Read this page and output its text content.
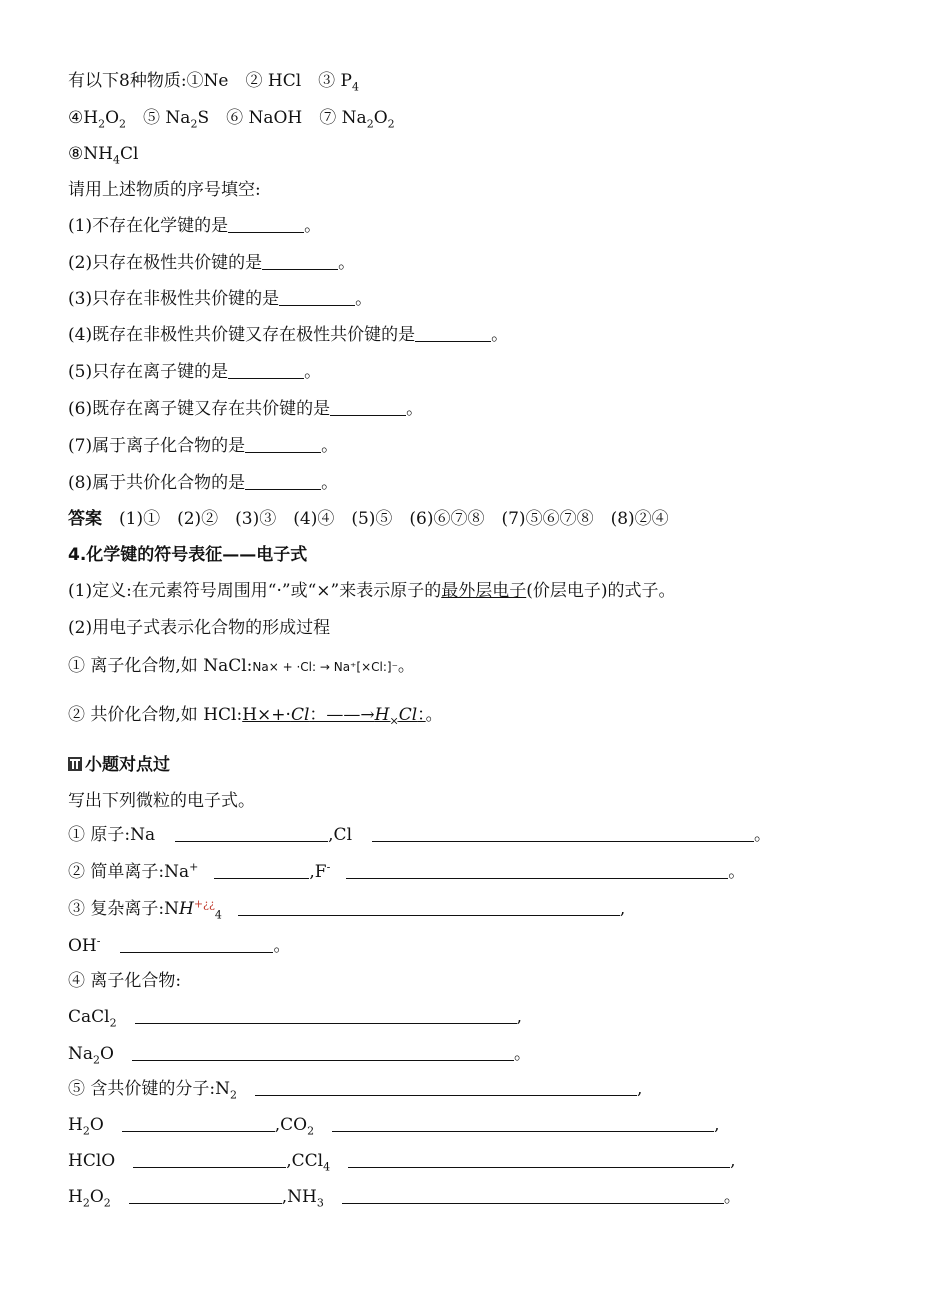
有以下8种物质:①Ne　② HCl　③ $P_4$
$④H_2O_2$　⑤ $Na_2S$　⑥ NaOH　⑦ $Na_2O_2$
$⑧NH_4Cl$
请用上述物质的序号填空:
(1)不存在化学键的是	。
(2)只存在极性共价键的是	。
(3)只存在非极性共价键的是	。
(4)既存在非极性共价键又存在极性共价键的是	。
(5)只存在离子键的是	。
(6)既存在离子键又存在共价键的是	。
(7)属于离子化合物的是	。
(8)属于共价化合物的是	。
答案　 (1)①　(2)②　(3)③　(4)④　(5)⑤　(6)⑥⑦⑧　(7)⑤⑥⑦⑧　(8)②④
4.化学键的符号表征——电子式
(1)定义:在元素符号周围用“·”或“×”来表示原子的最外层电子(价层电子)的式子。
(2)用电子式表示化合物的形成过程
① 离子化合物,如 NaCl:Na× + ·Cl: → Na⁺[×Cl:]⁻。
② 共价化合物,如 HCl:H×+·Cl：$——\to H_\times Cl$：。
小题对点过
写出下列微粒的电子式。
① 原子:Na	,Cl	。
② 简单离子:Na+	,F-	。
③ 复杂离子$:NH^{+¿¿}_4$	,
OH-	。
④ 离子化合物:
CaCl$_2$	,
$Na_2O$	。
⑤ 含共价键的分子$:N_2$	,
$H_2O$	$,CO_2$	,
HClO	,CCl$_4$	,
$H_2O_2$	$,NH_3$	。
